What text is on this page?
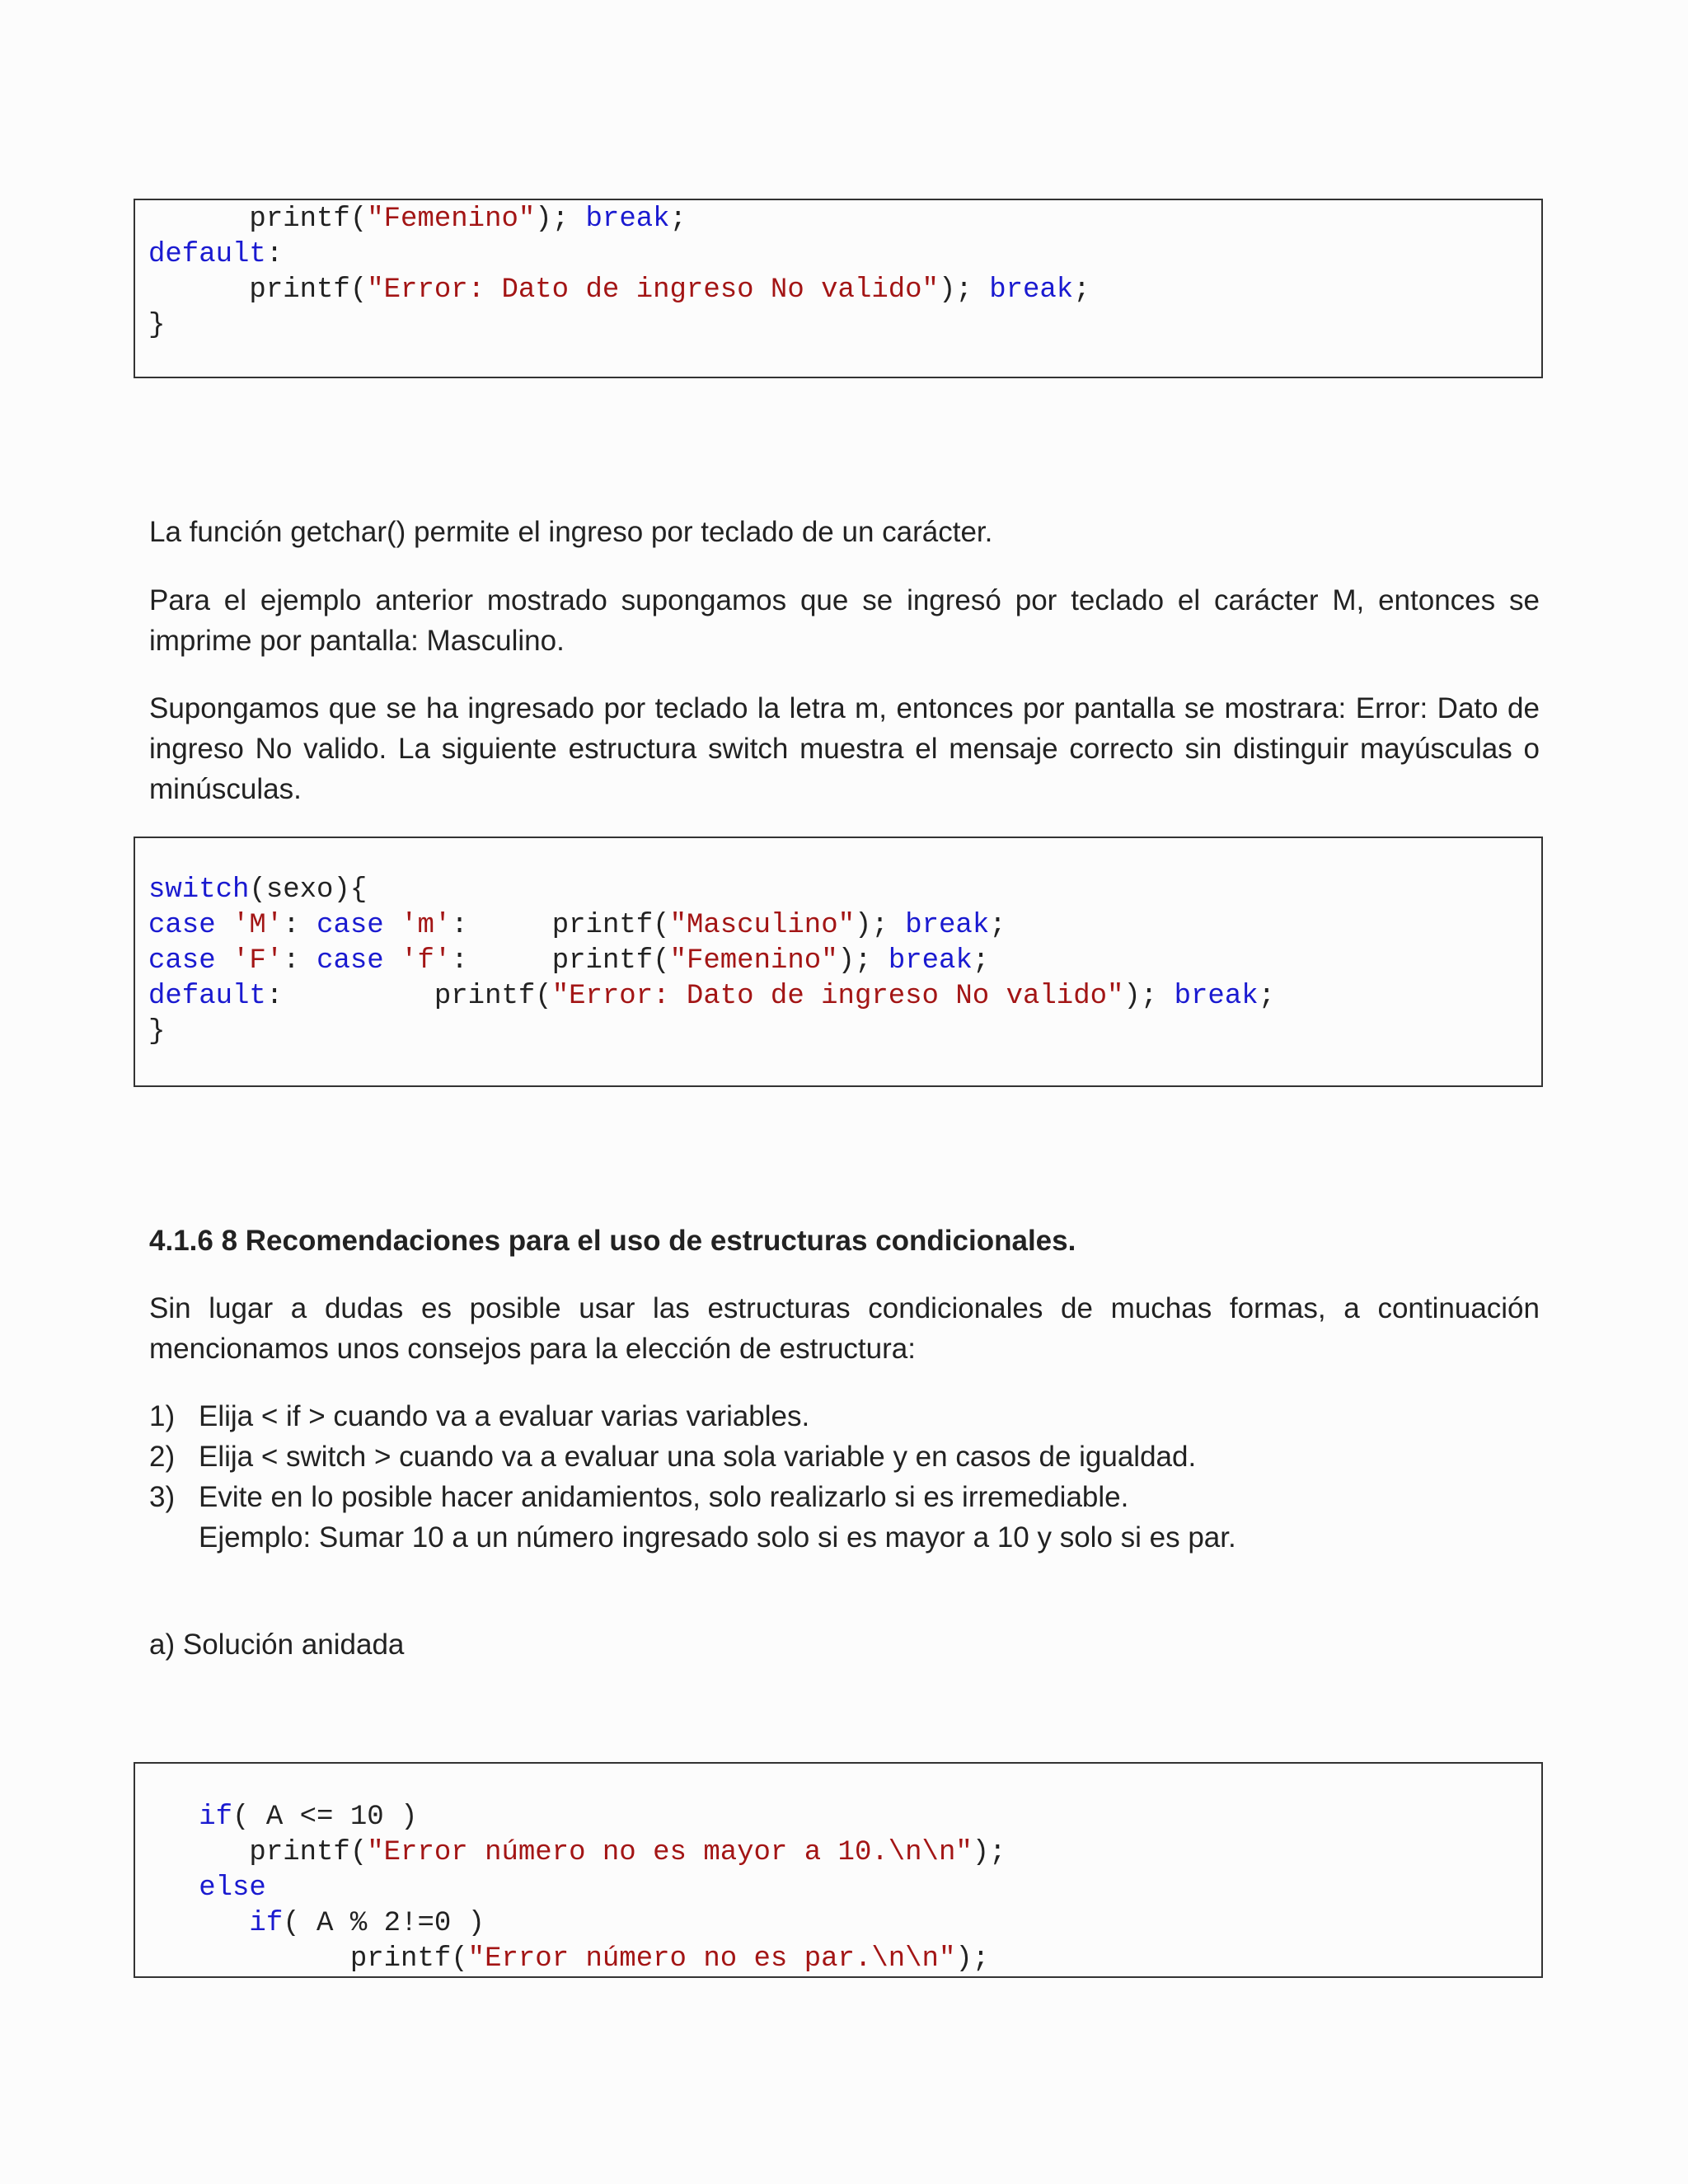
printf("Femenino"); break;
default:
printf("Error: Dato de ingreso No valido"); break;
}

La función getchar() permite el ingreso por teclado de un carácter.

Para el ejemplo anterior mostrado supongamos que se ingresó por teclado el carácter M, entonces se imprime por pantalla: Masculino.

Supongamos que se ha ingresado por teclado la letra m, entonces por pantalla se mostrara: Error: Dato de ingreso No valido. La siguiente estructura switch muestra el mensaje correcto sin distinguir mayúsculas o minúsculas.

switch(sexo){
case 'M': case 'm':     printf("Masculino"); break;
case 'F': case 'f':     printf("Femenino"); break;
default:         printf("Error: Dato de ingreso No valido"); break;
}

4.1.6 8 Recomendaciones para el uso de estructuras condicionales.

Sin lugar a dudas es posible usar las estructuras condicionales de muchas formas, a continuación mencionamos unos consejos para la elección de estructura:

1) Elija < if > cuando va a evaluar varias variables.
2) Elija < switch > cuando va a evaluar una sola variable y en casos de igualdad.
3) Evite en lo posible hacer anidamientos, solo realizarlo si es irremediable.
Ejemplo: Sumar 10 a un número ingresado solo si es mayor a 10 y solo si es par.

a) Solución anidada

if( A <= 10 )
printf("Error número no es mayor a 10.\n\n");
else
if( A % 2!=0 )
printf("Error número no es par.\n\n");
